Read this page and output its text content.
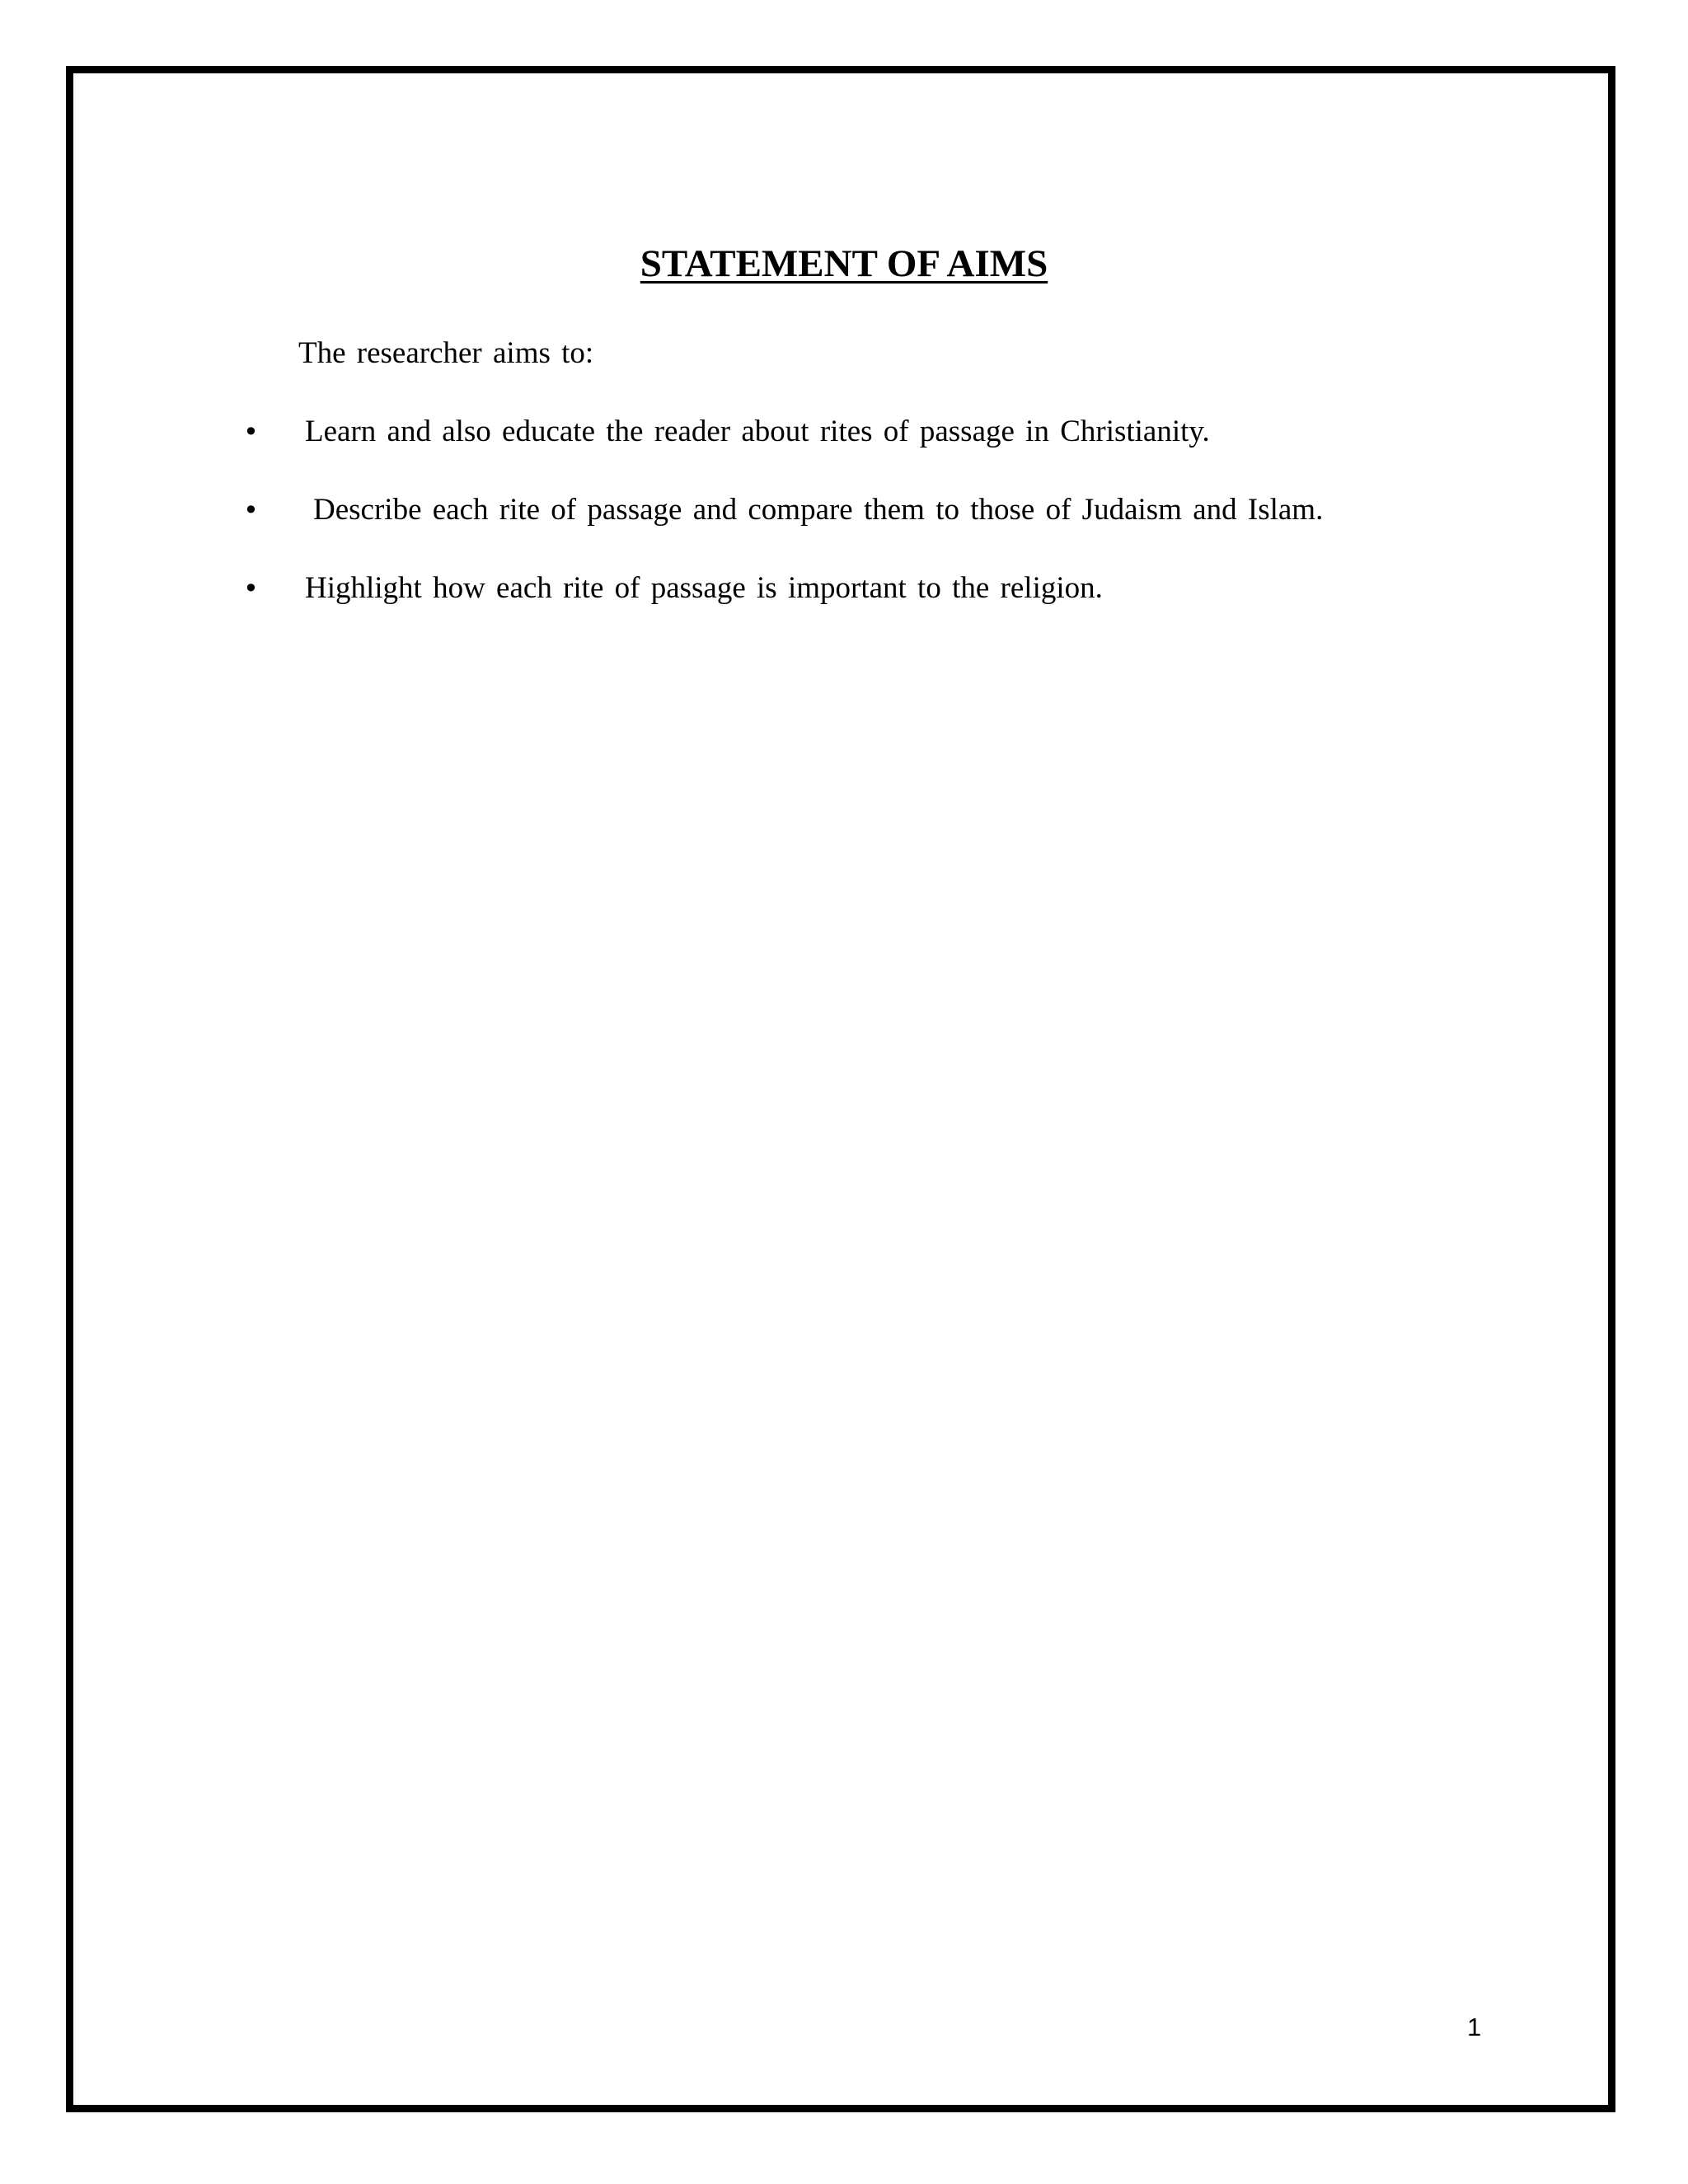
STATEMENT OF AIMS
The researcher aims to:
• Learn and also educate the reader about rites of passage in Christianity.
• Describe each rite of passage and compare them to those of Judaism and Islam.
• Highlight how each rite of passage is important to the religion.
1
